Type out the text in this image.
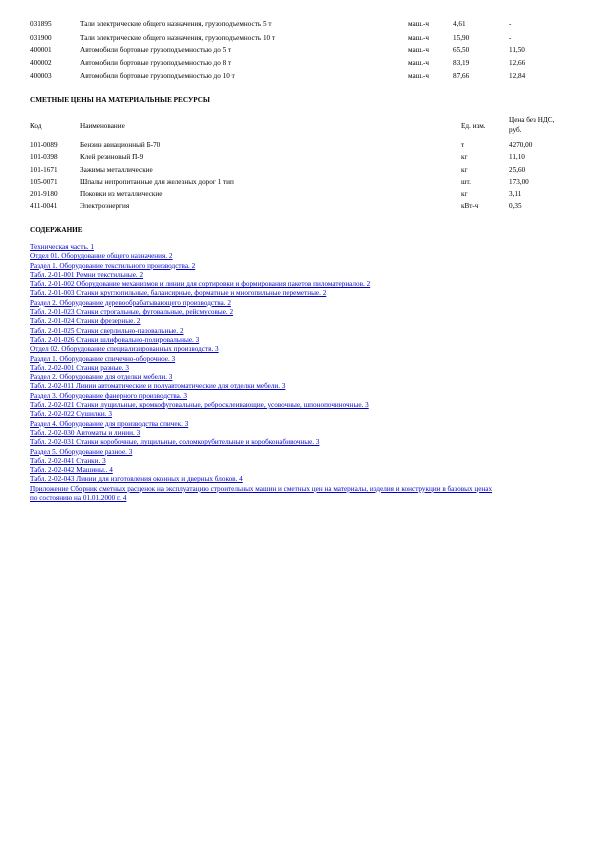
031895	Тали электрические общего назначения, грузоподъемность 5 т	маш.-ч	4,61	-
031900	Тали электрические общего назначения, грузоподъемность 10 т	маш.-ч	15,90	-
400001	Автомобили бортовые грузоподъемностью до 5 т	маш.-ч	65,50	11,50
400002	Автомобили бортовые грузоподъемностью до 8 т	маш.-ч	83,19	12,66
400003	Автомобили бортовые грузоподъемностью до 10 т	маш.-ч	87,66	12,84
СМЕТНЫЕ ЦЕНЫ НА МАТЕРИАЛЬНЫЕ РЕСУРСЫ
Код	Наименование	Ед. изм.
Цена без НДС,
руб.
101-0089	Бензин авиационный Б-70	т	4270,00
101-0398	Клей резиновый П-9	кг	11,10
101-1671	Зажимы металлические	кг	25,60
105-0071	Шпалы непропитанные для железных дорог 1 тип	шт.	173,00
201-9180	Поковки из металлические	кг	3,11
411-0041	Электроэнергия	кВт-ч	0,35
СОДЕРЖАНИЕ
Техническая часть. 1
Отдел 01. Оборудование общего назначения. 2
Раздел 1. Оборудование текстильного производства. 2
Табл. 2-01-001 Ремни текстильные. 2
Табл. 2-01-002 Оборудование механизмов и линии для сортировки и формирования пакетов пиломатериалов. 2
Табл. 2-01-003 Станки круглопильные, балансирные, форматные и многопильные переметные. 2
Раздел 2. Оборудование деревообрабатывающего производства. 2
Табл. 2-01-023 Станки строгальные, фуговальные, рейсмусовые. 2
Табл. 2-01-024 Станки фрезерные. 2
Табл. 2-01-025 Станки сверлильно-пазовальные. 2
Табл. 2-01-026 Станки шлифовально-полировальные. 3
Отдел 02. Оборудование специализированных производств. 3
Раздел 1. Оборудование спичечно-оборочное. 3
Табл. 2-02-001 Станки разные. 3
Раздел 2. Оборудование для отделки мебели. 3
Табл. 2-02-011 Линии автоматические и полуавтоматические для отделки мебели. 3
Раздел 3. Оборудование фанерного производства. 3
Табл. 2-02-021 Станки лущильные, кромкофуговальные, ребросклеивающие, усовочные, шпонопочиночные. 3
Табл. 2-02-022 Сушилки. 3
Раздел 4. Оборудование для производства спичек. 3
Табл. 2-02-030 Автоматы и линии. 3
Табл. 2-02-031 Станки коробочные, лущильные, соломкорубительные и коробконабивочные. 3
Раздел 5. Оборудование разное. 3
Табл. 2-02-041 Станки. 3
Табл. 2-02-042 Машины.. 4
Табл. 2-02-043 Линии для изготовления оконных и дверных блоков. 4
Приложение Сборник сметных расценок на эксплуатацию строительных машин и сметных цен на материалы, изделия и конструкции в базовых ценах по состоянию на 01.01.2000 г. 4
